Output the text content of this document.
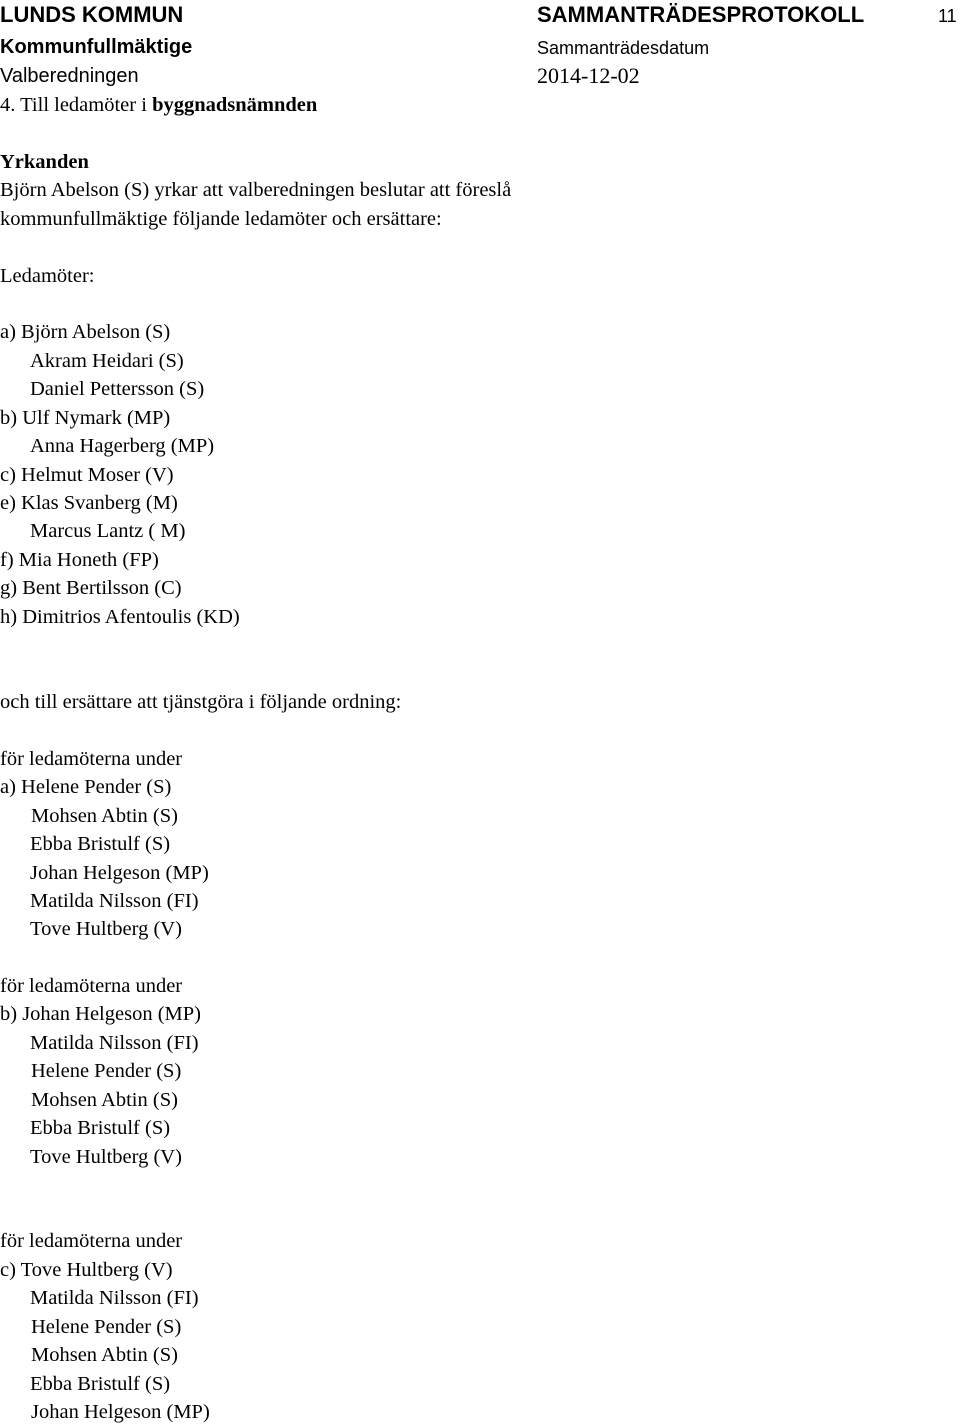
LUNDS KOMMUN
Kommunfullmäktige
Valberedningen
SAMMANTRÄDESPROTOKOLL
Sammanträdesdatum
2014-12-02
11
4. Till ledamöter i byggnadsnämnden
Yrkanden
Björn Abelson (S) yrkar att valberedningen beslutar att föreslå
kommunfullmäktige följande ledamöter och ersättare:
Ledamöter:
a) Björn Abelson (S)
Akram Heidari (S)
Daniel Pettersson (S)
b) Ulf Nymark (MP)
Anna Hagerberg (MP)
c) Helmut Moser (V)
e) Klas Svanberg (M)
Marcus Lantz ( M)
f) Mia Honeth (FP)
g) Bent Bertilsson (C)
h) Dimitrios Afentoulis (KD)
och till ersättare att tjänstgöra i följande ordning:
för ledamöterna under
a) Helene Pender (S)
Mohsen Abtin (S)
Ebba Bristulf (S)
Johan Helgeson (MP)
Matilda Nilsson (FI)
Tove Hultberg (V)
för ledamöterna under
b) Johan Helgeson (MP)
Matilda Nilsson (FI)
Helene Pender (S)
Mohsen Abtin (S)
Ebba Bristulf (S)
Tove Hultberg (V)
för ledamöterna under
c) Tove Hultberg (V)
Matilda Nilsson (FI)
Helene Pender (S)
Mohsen Abtin (S)
Ebba Bristulf (S)
Johan Helgeson (MP)
